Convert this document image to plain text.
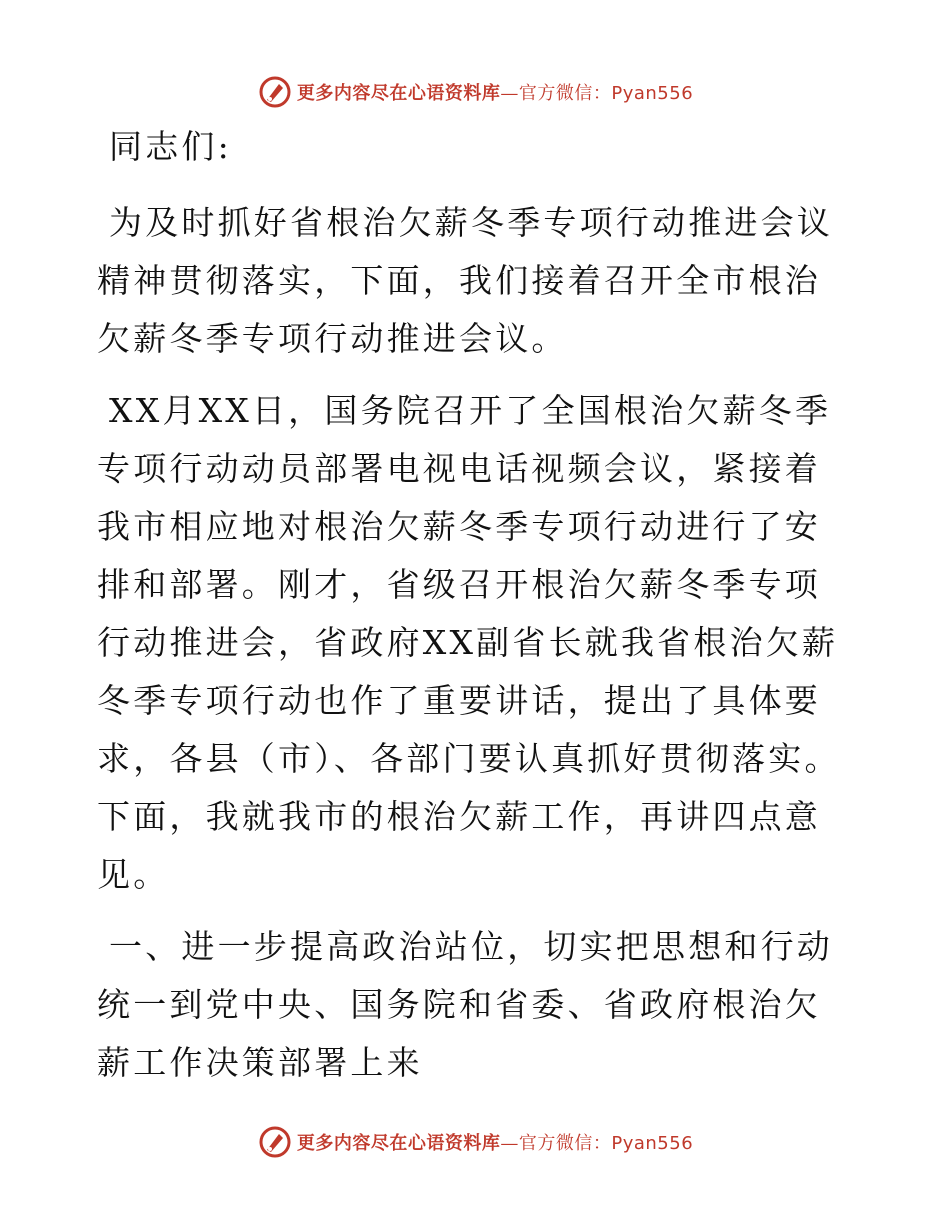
更多内容尽在心语资料库—官方微信：Pyan556

同志们:

为及时抓好省根治欠薪冬季专项行动推进会议精神贯彻落实，下面，我们接着召开全市根治欠薪冬季专项行动推进会议。

XX月XX日，国务院召开了全国根治欠薪冬季专项行动动员部署电视电话视频会议，紧接着我市相应地对根治欠薪冬季专项行动进行了安排和部署。刚才，省级召开根治欠薪冬季专项行动推进会，省政府XX副省长就我省根治欠薪冬季专项行动也作了重要讲话，提出了具体要求，各县（市）、各部门要认真抓好贯彻落实。下面，我就我市的根治欠薪工作，再讲四点意见。

一、进一步提高政治站位，切实把思想和行动统一到党中央、国务院和省委、省政府根治欠薪工作决策部署上来

更多内容尽在心语资料库—官方微信：Pyan556
